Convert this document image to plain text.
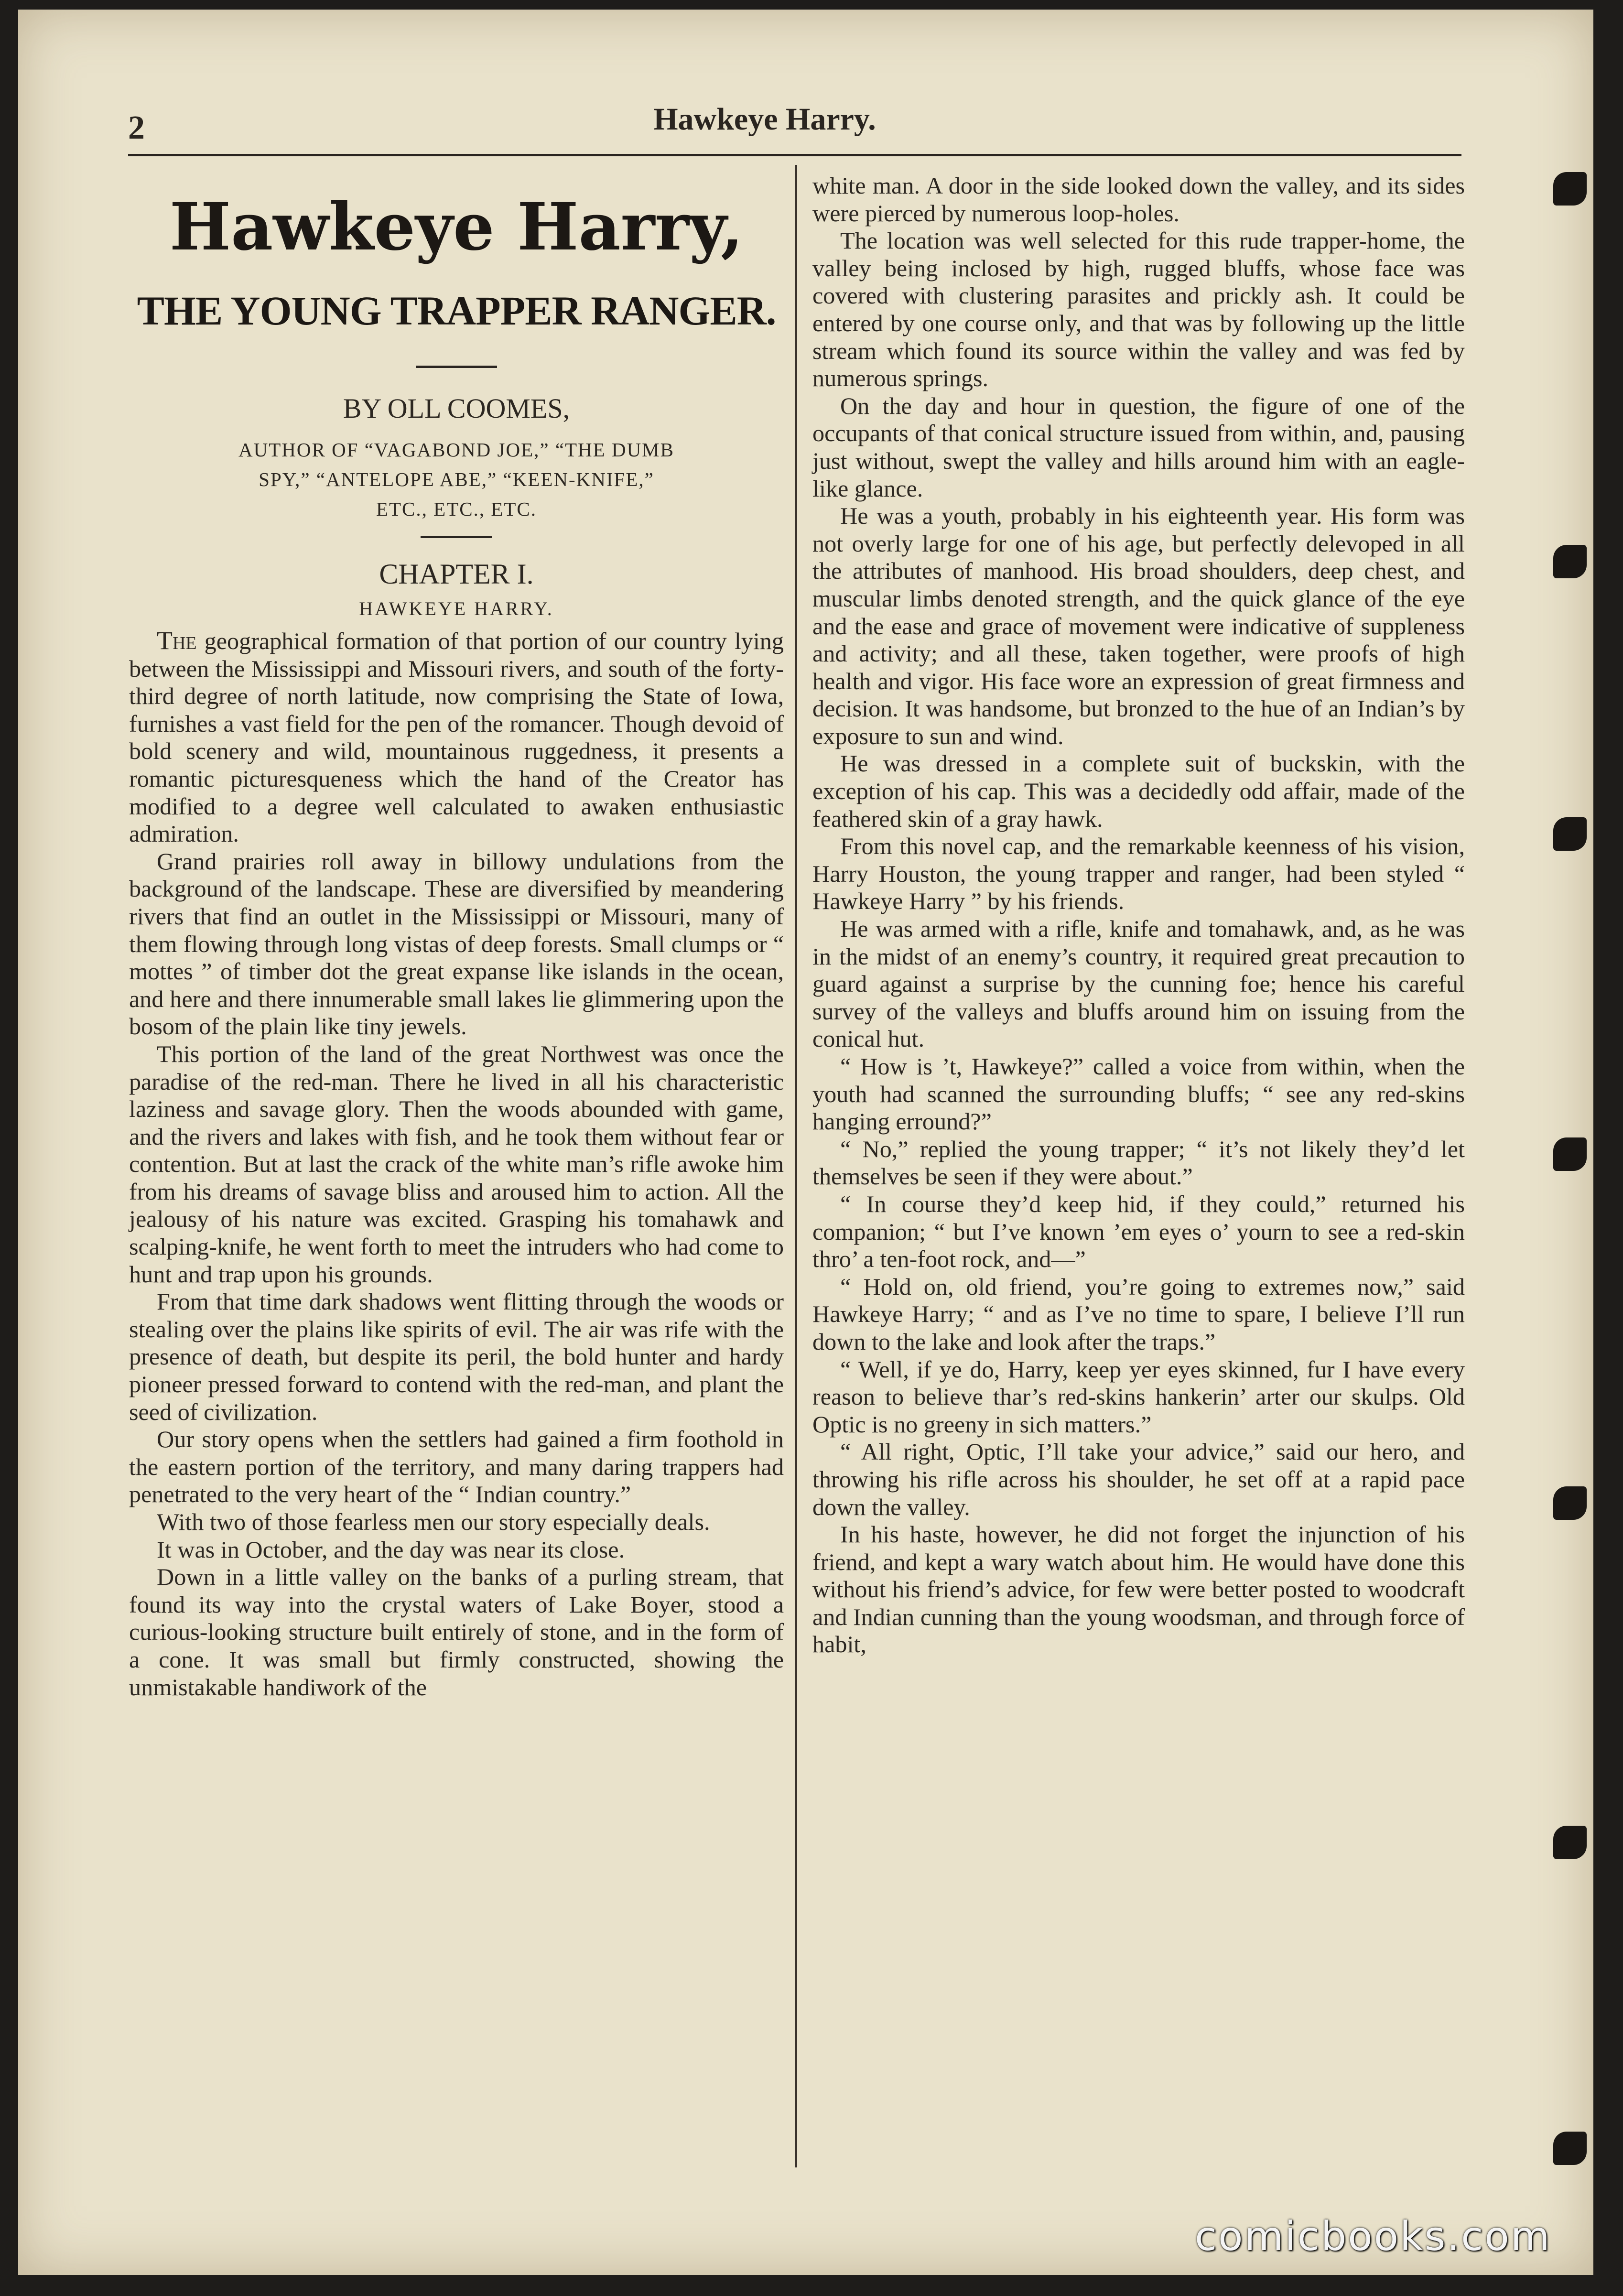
2	Hawkeye Harry.
Hawkeye Harry,
THE YOUNG TRAPPER RANGER.

BY OLL COOMES,

AUTHOR OF “VAGABOND JOE,” “THE DUMB

SPY,” “ANTELOPE ABE,” “KEEN-KNIFE,”

ETC., ETC., ETC.

CHAPTER I.

HAWKEYE HARRY.

The geographical formation of that portion of our country lying between the Mississippi and Missouri rivers, and south of the forty-third degree of north latitude, now comprising the State of Iowa, furnishes a vast field for the pen of the romancer. Though devoid of bold scenery and wild, mountainous ruggedness, it presents a romantic picturesqueness which the hand of the Creator has modified to a degree well calculated to awaken enthusiastic admiration.

Grand prairies roll away in billowy undulations from the background of the landscape. These are diversified by meandering rivers that find an outlet in the Mississippi or Missouri, many of them flowing through long vistas of deep forests. Small clumps or “ mottes ” of timber dot the great expanse like islands in the ocean, and here and there innumerable small lakes lie glimmering upon the bosom of the plain like tiny jewels.

This portion of the land of the great Northwest was once the paradise of the red-man. There he lived in all his characteristic laziness and savage glory. Then the woods abounded with game, and the rivers and lakes with fish, and he took them without fear or contention. But at last the crack of the white man’s rifle awoke him from his dreams of savage bliss and aroused him to action. All the jealousy of his nature was excited. Grasping his tomahawk and scalping-knife, he went forth to meet the intruders who had come to hunt and trap upon his grounds.

From that time dark shadows went flitting through the woods or stealing over the plains like spirits of evil. The air was rife with the presence of death, but despite its peril, the bold hunter and hardy pioneer pressed forward to contend with the red-man, and plant the seed of civilization.

Our story opens when the settlers had gained a firm foothold in the eastern portion of the territory, and many daring trappers had penetrated to the very heart of the “ Indian country.”

With two of those fearless men our story especially deals.

It was in October, and the day was near its close.

Down in a little valley on the banks of a purling stream, that found its way into the crystal waters of Lake Boyer, stood a curious-looking structure built entirely of stone, and in the form of a cone. It was small but firmly constructed, showing the unmistakable handiwork of the

white man. A door in the side looked down the valley, and its sides were pierced by numerous loop-holes.

The location was well selected for this rude trapper-home, the valley being inclosed by high, rugged bluffs, whose face was covered with clustering parasites and prickly ash. It could be entered by one course only, and that was by following up the little stream which found its source within the valley and was fed by numerous springs.

On the day and hour in question, the figure of one of the occupants of that conical structure issued from within, and, pausing just without, swept the valley and hills around him with an eagle-like glance.

He was a youth, probably in his eighteenth year. His form was not overly large for one of his age, but perfectly delevoped in all the attributes of manhood. His broad shoulders, deep chest, and muscular limbs denoted strength, and the quick glance of the eye and the ease and grace of movement were indicative of suppleness and activity; and all these, taken together, were proofs of high health and vigor. His face wore an expression of great firmness and decision. It was handsome, but bronzed to the hue of an Indian’s by exposure to sun and wind.

He was dressed in a complete suit of buckskin, with the exception of his cap. This was a decidedly odd affair, made of the feathered skin of a gray hawk.

From this novel cap, and the remarkable keenness of his vision, Harry Houston, the young trapper and ranger, had been styled “ Hawkeye Harry ” by his friends.

He was armed with a rifle, knife and tomahawk, and, as he was in the midst of an enemy’s country, it required great precaution to guard against a surprise by the cunning foe; hence his careful survey of the valleys and bluffs around him on issuing from the conical hut.

“ How is ’t, Hawkeye?” called a voice from within, when the youth had scanned the surrounding bluffs; “ see any red-skins hanging erround?”

“ No,” replied the young trapper; “ it’s not likely they’d let themselves be seen if they were about.”

“ In course they’d keep hid, if they could,” returned his companion; “ but I’ve known ’em eyes o’ yourn to see a red-skin thro’ a ten-foot rock, and—”

“ Hold on, old friend, you’re going to extremes now,” said Hawkeye Harry; “ and as I’ve no time to spare, I believe I’ll run down to the lake and look after the traps.”

“ Well, if ye do, Harry, keep yer eyes skinned, fur I have every reason to believe thar’s red-skins hankerin’ arter our skulps. Old Optic is no greeny in sich matters.”

“ All right, Optic, I’ll take your advice,” said our hero, and throwing his rifle across his shoulder, he set off at a rapid pace down the valley.

In his haste, however, he did not forget the injunction of his friend, and kept a wary watch about him. He would have done this without his friend’s advice, for few were better posted to woodcraft and Indian cunning than the young woodsman, and through force of habit,

comicbooks.com
